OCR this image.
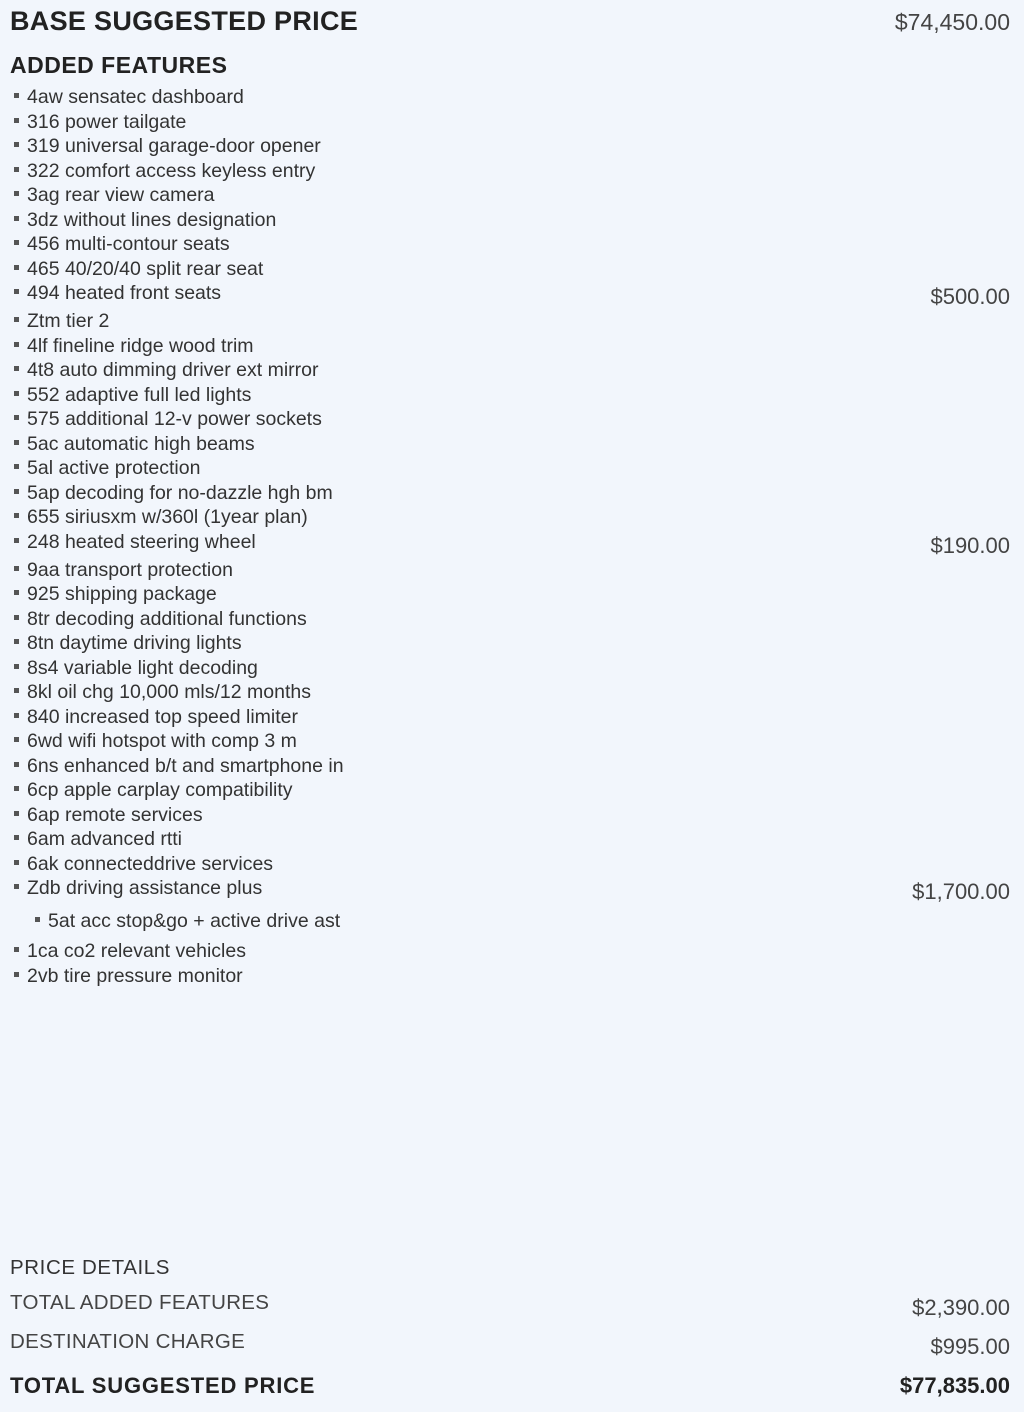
BASE SUGGESTED PRICE	$74,450.00
ADDED FEATURES
4aw sensatec dashboard
316 power tailgate
319 universal garage-door opener
322 comfort access keyless entry
3ag rear view camera
3dz without lines designation
456 multi-contour seats
465 40/20/40 split rear seat
494 heated front seats	$500.00
Ztm tier 2
4lf fineline ridge wood trim
4t8 auto dimming driver ext mirror
552 adaptive full led lights
575 additional 12-v power sockets
5ac automatic high beams
5al active protection
5ap decoding for no-dazzle hgh bm
655 siriusxm w/360l (1year plan)
248 heated steering wheel	$190.00
9aa transport protection
925 shipping package
8tr decoding additional functions
8tn daytime driving lights
8s4 variable light decoding
8kl oil chg 10,000 mls/12 months
840 increased top speed limiter
6wd wifi hotspot with comp 3 m
6ns enhanced b/t and smartphone in
6cp apple carplay compatibility
6ap remote services
6am advanced rtti
6ak connecteddrive services
Zdb driving assistance plus	$1,700.00
5at acc stop&go + active drive ast
1ca co2 relevant vehicles
2vb tire pressure monitor
PRICE DETAILS
TOTAL ADDED FEATURES	$2,390.00
DESTINATION CHARGE	$995.00
TOTAL SUGGESTED PRICE	$77,835.00
